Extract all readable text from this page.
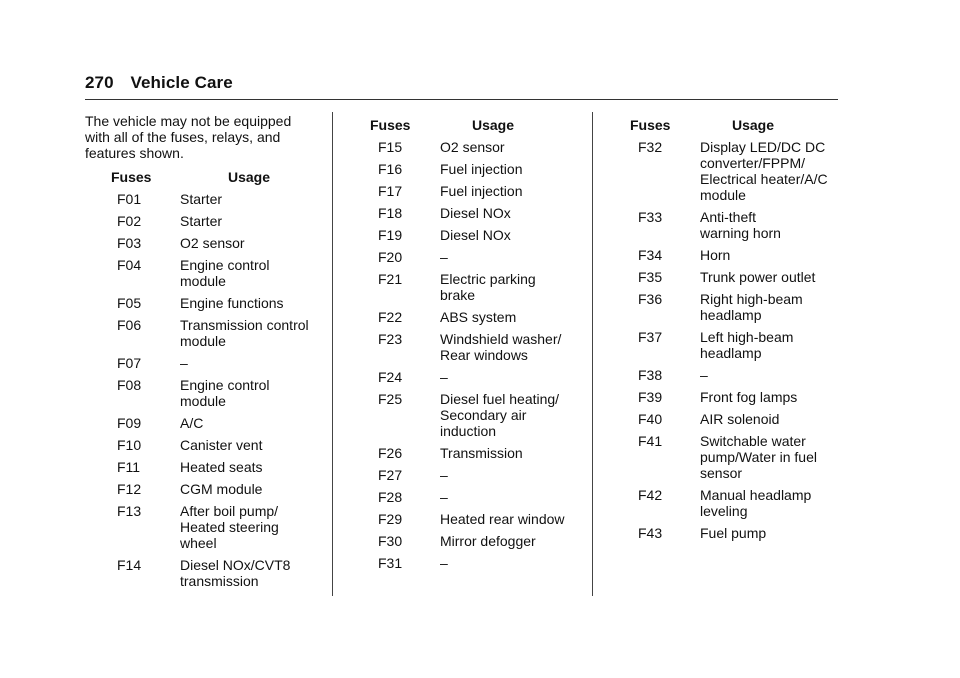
270 Vehicle Care
The vehicle may not be equipped
with all of the fuses, relays, and
features shown.
Fuses	Usage
F01	Starter
F02	Starter
F03	O2 sensor
F04	Engine control
module
F05	Engine functions
F06	Transmission control
module
F07	–
F08	Engine control
module
F09	A/C
F10	Canister vent
F11	Heated seats
F12	CGM module
F13	After boil pump/
Heated steering
wheel
F14	Diesel NOx/CVT8
transmission
Fuses	Usage
F15	O2 sensor
F16	Fuel injection
F17	Fuel injection
F18	Diesel NOx
F19	Diesel NOx
F20	–
F21	Electric parking
brake
F22	ABS system
F23	Windshield washer/
Rear windows
F24	–
F25	Diesel fuel heating/
Secondary air
induction
F26	Transmission
F27	–
F28	–
F29	Heated rear window
F30	Mirror defogger
F31	–
Fuses	Usage
F32	Display LED/DC DC
converter/FPPM/
Electrical heater/A/C
module
F33	Anti-theft
warning horn
F34	Horn
F35	Trunk power outlet
F36	Right high-beam
headlamp
F37	Left high-beam
headlamp
F38	–
F39	Front fog lamps
F40	AIR solenoid
F41	Switchable water
pump/Water in fuel
sensor
F42	Manual headlamp
leveling
F43	Fuel pump
